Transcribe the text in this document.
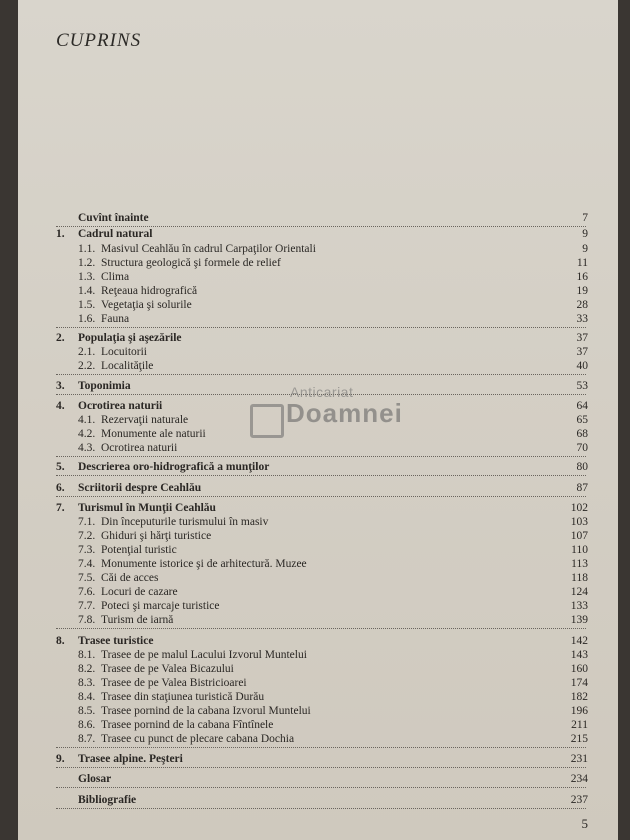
CUPRINS
Cuvînt înainte	7
1. Cadrul natural	9
1.1. Masivul Ceahlău în cadrul Carpaţilor Orientali	9
1.2. Structura geologică şi formele de relief	11
1.3. Clima	16
1.4. Reţeaua hidrografică	19
1.5. Vegetaţia şi solurile	28
1.6. Fauna	33
2. Populaţia şi aşezările	37
2.1. Locuitorii	37
2.2. Localităţile	40
3. Toponimia	53
4. Ocrotirea naturii	64
4.1. Rezervaţii naturale	65
4.2. Monumente ale naturii	68
4.3. Ocrotirea naturii	70
5. Descrierea oro-hidrografică a munţilor	80
6. Scriitorii despre Ceahlău	87
7. Turismul în Munţii Ceahlău	102
7.1. Din începuturile turismului în masiv	103
7.2. Ghiduri şi hărţi turistice	107
7.3. Potenţial turistic	110
7.4. Monumente istorice şi de arhitectură. Muzee	113
7.5. Căi de acces	118
7.6. Locuri de cazare	124
7.7. Poteci şi marcaje turistice	133
7.8. Turism de iarnă	139
8. Trasee turistice	142
8.1. Trasee de pe malul Lacului Izvorul Muntelui	143
8.2. Trasee de pe Valea Bicazului	160
8.3. Trasee de pe Valea Bistricioarei	174
8.4. Trasee din staţiunea turistică Durău	182
8.5. Trasee pornind de la cabana Izvorul Muntelui	196
8.6. Trasee pornind de la cabana Fîntînele	211
8.7. Trasee cu punct de plecare cabana Dochia	215
9. Trasee alpine. Peşteri	231
Glosar	234
Bibliografie	237
Anticariat
Doamnei
5
